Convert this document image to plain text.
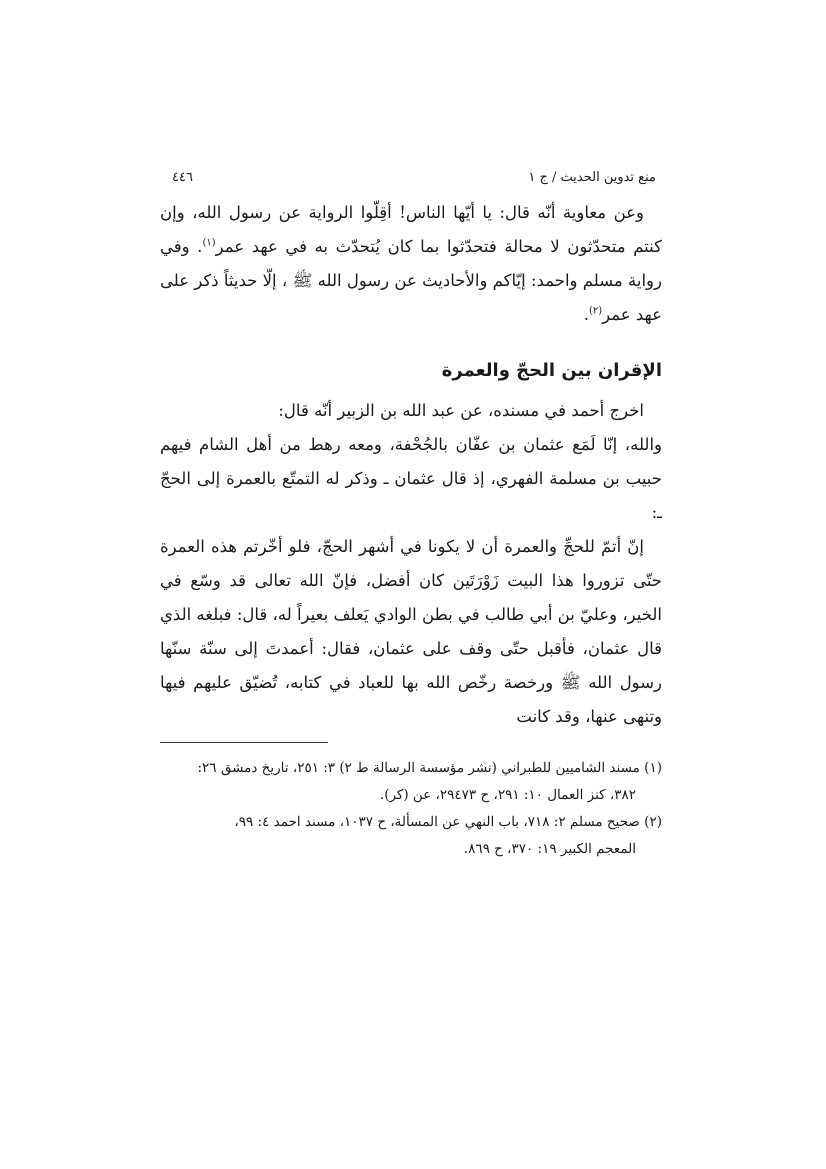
منع تدوين الحديث / ج ١
٤٤٦

وعن معاوية أنّه قال: يا أيّها الناس! أقِلّوا الرواية عن رسول الله، وإن كنتم متحدّثون لا محالة فتحدّثوا بما كان يُتحدّث به في عهد عمر$^{(١)}$. وفي رواية مسلم واحمد: إيّاكم والأحاديث عن رسول الله ﷺ ، إلّا حديثاً ذكر على عهد عمر$^{(٢)}$.

الإقران بين الحجّ والعمرة

اخرج أحمد في مسنده، عن عبد الله بن الزبير أنّه قال:

والله، إنّا لَمَع عثمان بن عفّان بالجُحْفة، ومعه رهط من أهل الشام فيهم حبيب بن مسلمة الفهري، إذ قال عثمان ـ وذكر له التمتّع بالعمرة إلى الحجّ ـ:

إنّ أتمّ للحجِّ والعمرة أن لا يكونا في أشهر الحجّ، فلو أخّرتم هذه العمرة حتّى تزوروا هذا البيت زَوْرَتَين كان أفضل، فإنّ الله تعالى قد وسّع في الخير، وعليّ بن أبي طالب في بطن الوادي يَعلف بعيراً له، قال: فبلغه الذي قال عثمان، فأقبل حتّى وقف على عثمان، فقال: أعمدتَ إلى سنّة سنّها رسول الله ﷺ ورخصة رخّص الله بها للعباد في كتابه، تُضيّق عليهم فيها وتنهى عنها، وقد كانت

(١) مسند الشاميين للطبراني (نشر مؤسسة الرسالة ط ٢) ٣: ٢٥١، تاريخ دمشق ٢٦:
٣٨٢، كنز العمال ١٠: ٢٩١، ح ٢٩٤٧٣، عن (كر).

(٢) صحيح مسلم ٢: ٧١٨، باب النهي عن المسألة، ح ١٠٣٧، مسند احمد ٤: ٩٩،
المعجم الكبير ١٩: ٣٧٠، ح ٨٦٩.
